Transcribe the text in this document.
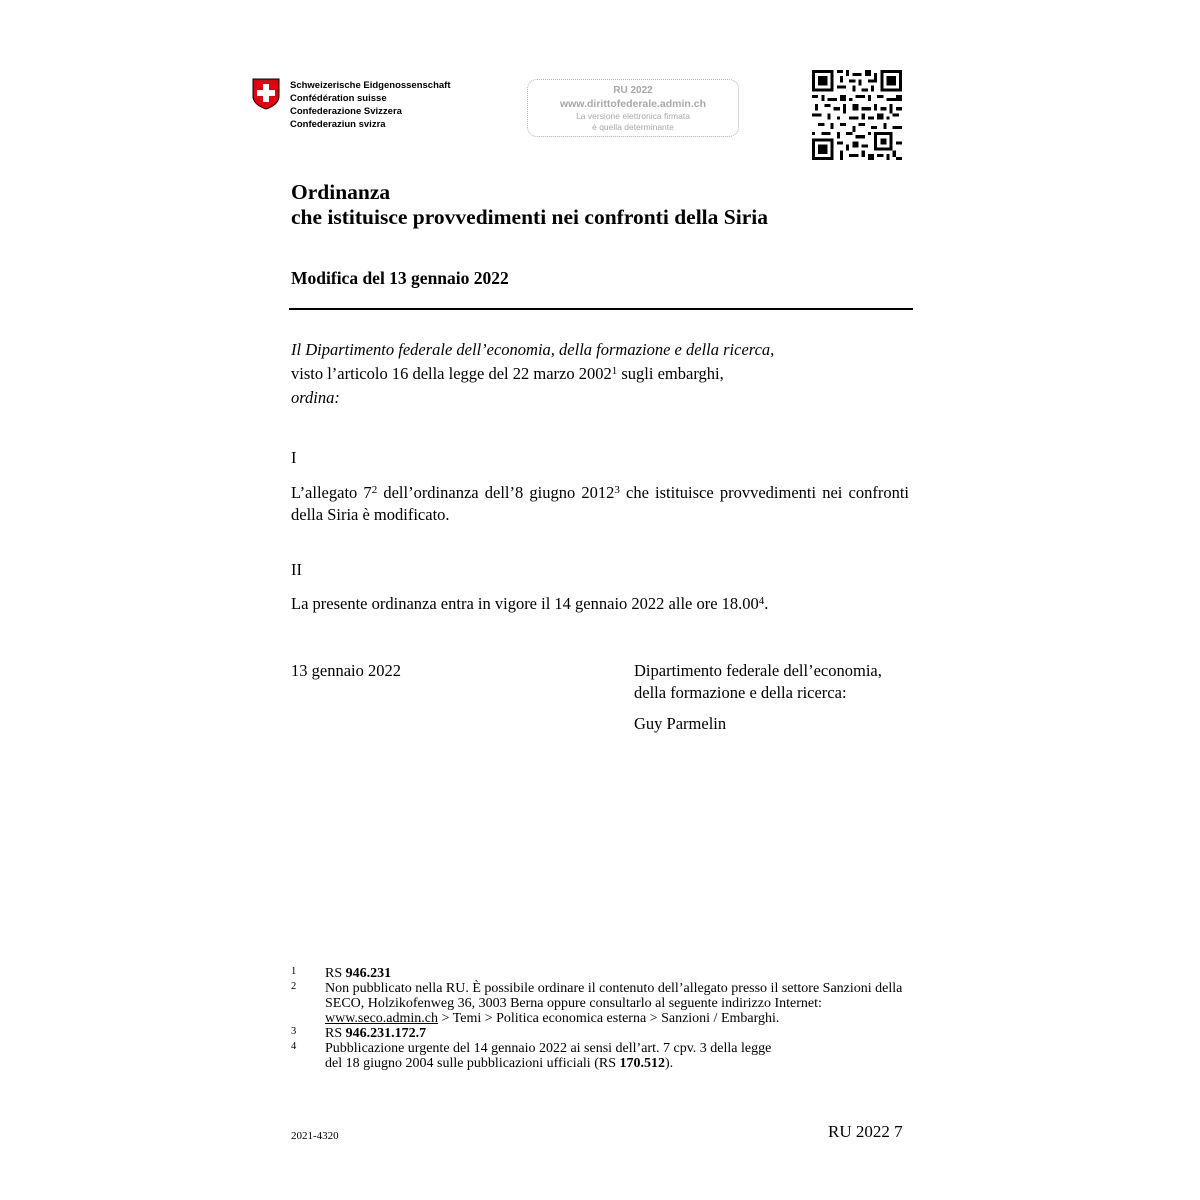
Schweizerische Eidgenossenschaft
Confédération suisse
Confederazione Svizzera
Confederaziun svizra
RU 2022
www.dirittofederale.admin.ch
La versione elettronica firmata
è quella determinante
Ordinanza
che istituisce provvedimenti nei confronti della Siria
Modifica del 13 gennaio 2022
Il Dipartimento federale dell’economia, della formazione e della ricerca,
visto l’articolo 16 della legge del 22 marzo 2002$^1$ sugli embarghi,
ordina:
I
L’allegato 7$^2$ dell’ordinanza dell’8 giugno 2012$^3$ che istituisce provvedimenti nei confronti della Siria è modificato.
II
La presente ordinanza entra in vigore il 14 gennaio 2022 alle ore 18.00$^4$.
13 gennaio 2022	Dipartimento federale dell’economia,
della formazione e della ricerca:
Guy Parmelin
1	RS 946.231
2	Non pubblicato nella RU. È possibile ordinare il contenuto dell’allegato presso il settore Sanzioni della SECO, Holzikofenweg 36, 3003 Berna oppure consultarlo al seguente indirizzo Internet: www.seco.admin.ch > Temi > Politica economica esterna > Sanzioni / Embarghi.
3	RS 946.231.172.7
4	Pubblicazione urgente del 14 gennaio 2022 ai sensi dell’art. 7 cpv. 3 della legge
del 18 giugno 2004 sulle pubblicazioni ufficiali (RS 170.512).
2021-4320	RU 2022 7
